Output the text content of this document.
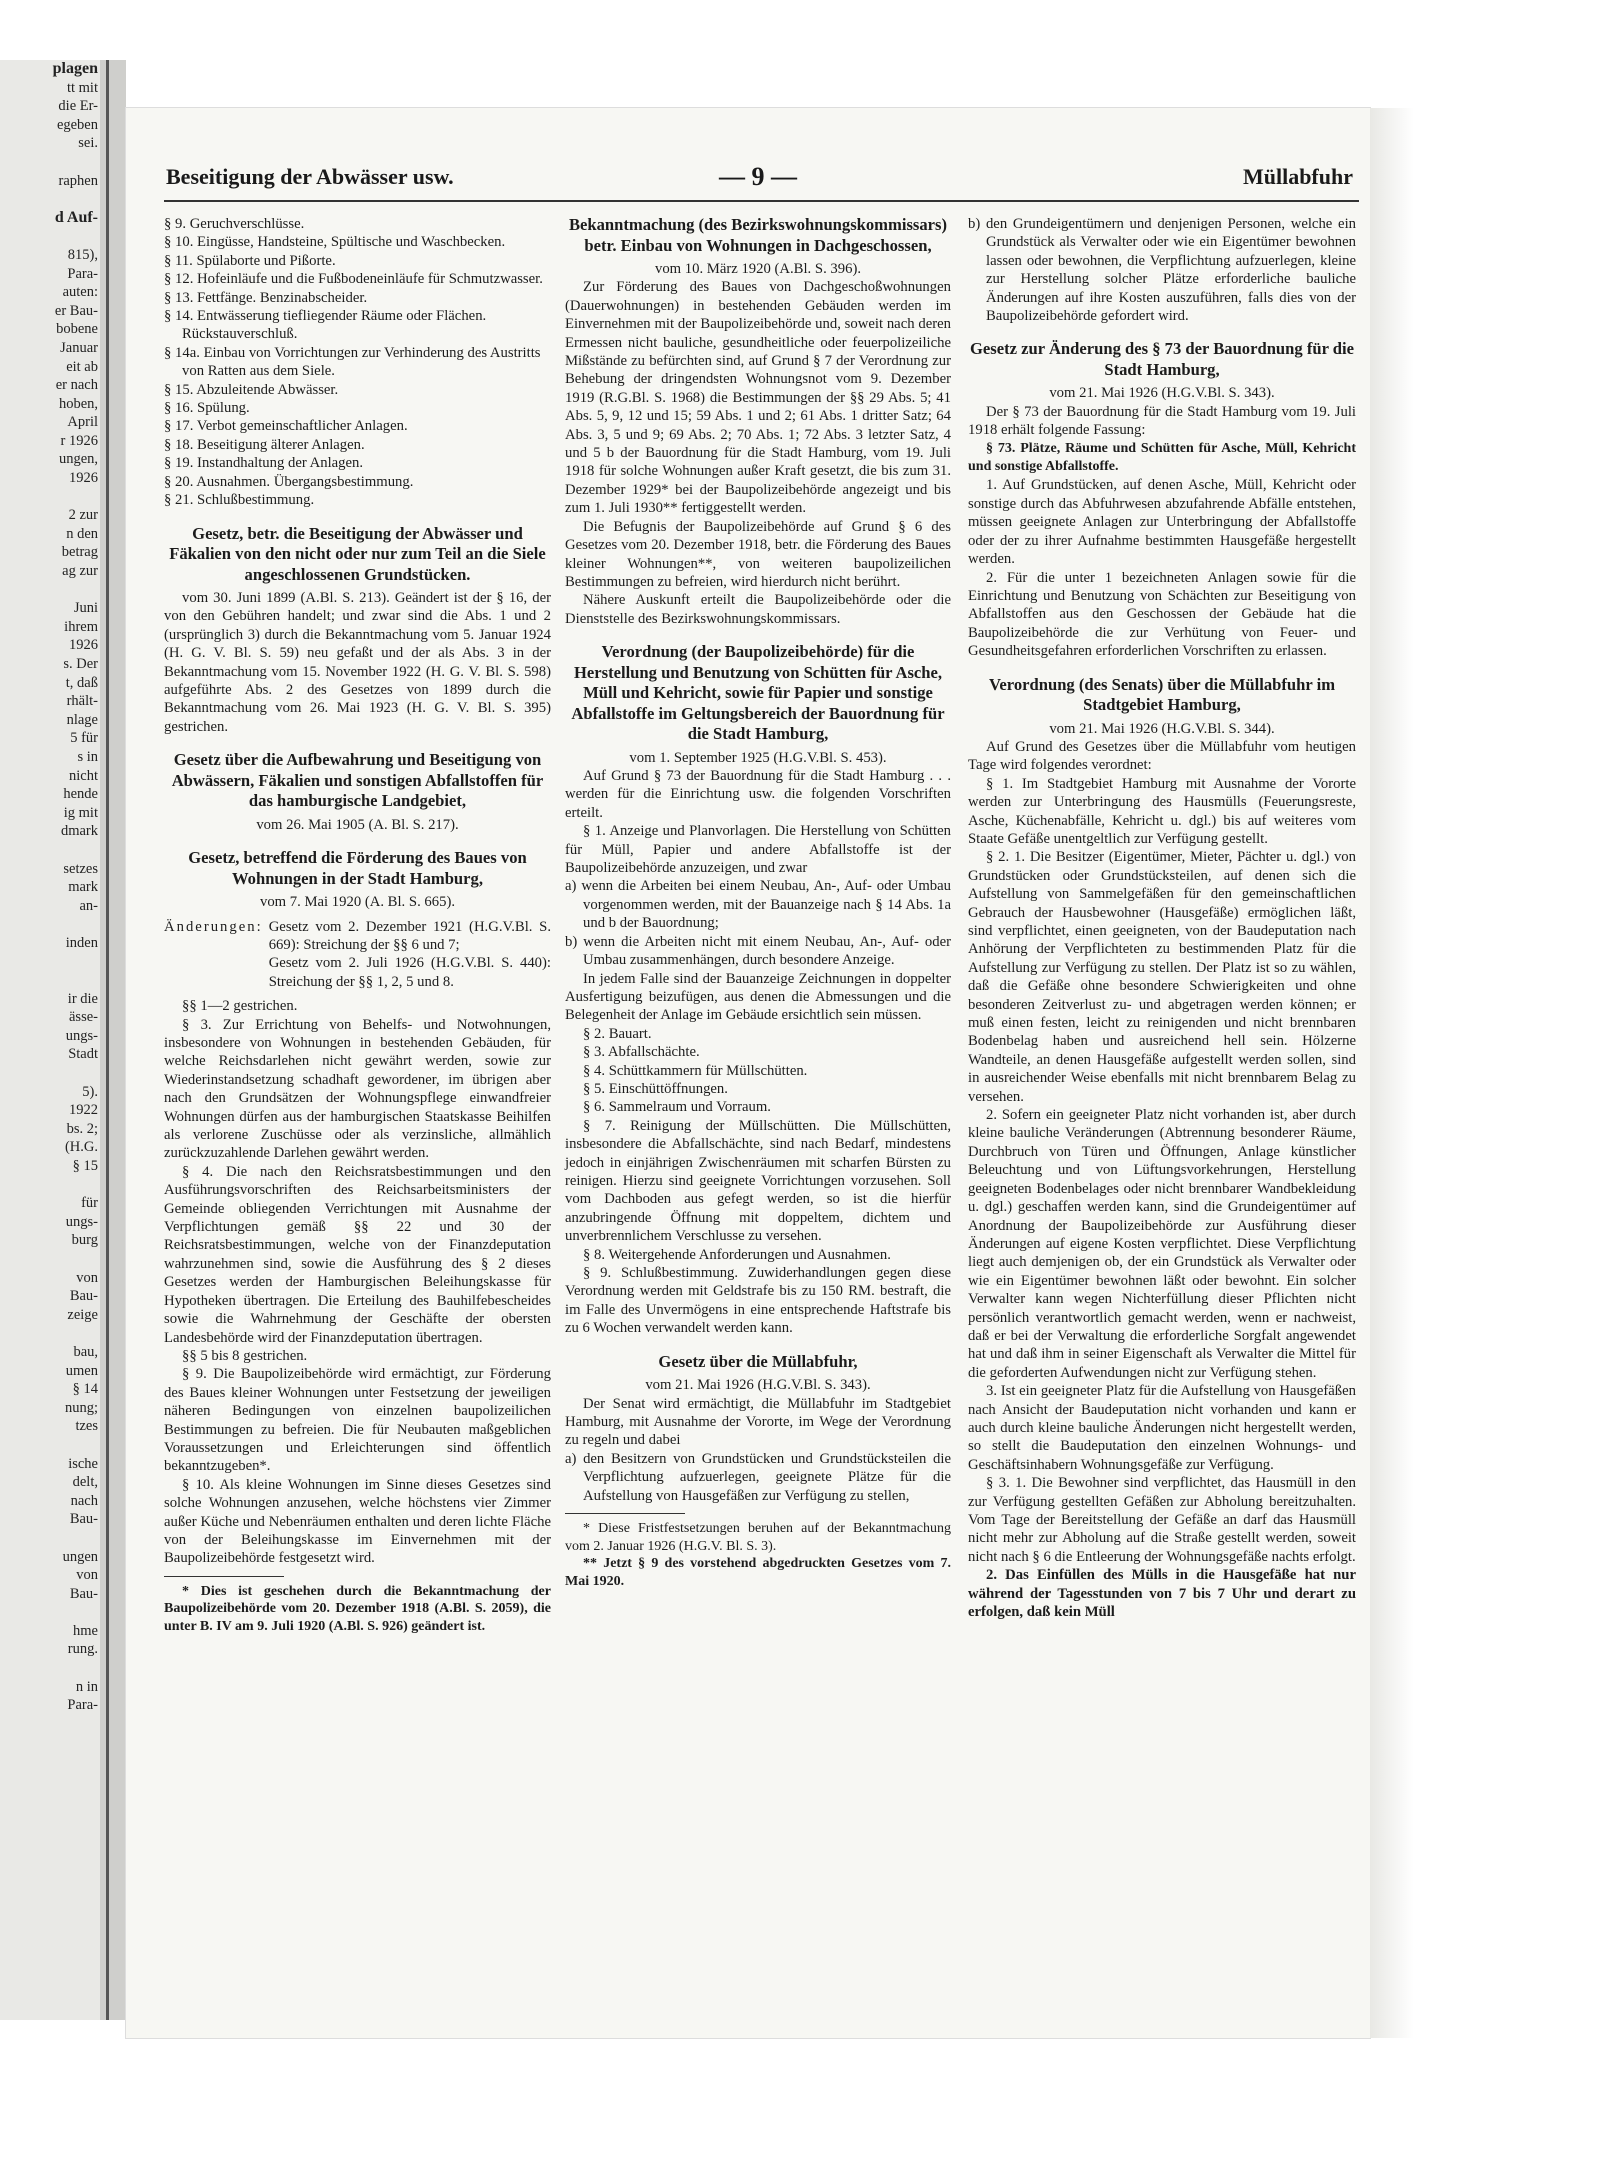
plagen
tt mit
die Er-
egeben
sei.
raphen
d Auf-
815),
Para-
auten:
er Bau-
bobene
Januar
eit ab
er nach
hoben,
April
r 1926
ungen,
1926
2 zur
n den
betrag
ag zur
Juni
ihrem
1926
s. Der
t, daß
rhält-
nlage
5 für
s in
nicht
hende
ig mit
dmark
setzes
mark
an-
inden
ir die
ässe-
ungs-
Stadt
5).
1922
bs. 2;
(H.G.
§ 15
für
ungs-
burg
von
Bau-
zeige
bau,
umen
§ 14
nung;
tzes
ische
delt,
nach
Bau-
ungen
von
Bau-
hme
rung.
n in
Para-
Beseitigung der Abwässer usw.	— 9 —	Müllabfuhr
§ 9. Geruchverschlüsse.
§ 10. Eingüsse, Handsteine, Spültische und Waschbecken.
§ 11. Spülaborte und Pißorte.
§ 12. Hofeinläufe und die Fußbodeneinläufe für Schmutzwasser.
§ 13. Fettfänge. Benzinabscheider.
§ 14. Entwässerung tiefliegender Räume oder Flächen. Rückstauverschluß.
§ 14a. Einbau von Vorrichtungen zur Verhinderung des Austritts von Ratten aus dem Siele.
§ 15. Abzuleitende Abwässer.
§ 16. Spülung.
§ 17. Verbot gemeinschaftlicher Anlagen.
§ 18. Beseitigung älterer Anlagen.
§ 19. Instandhaltung der Anlagen.
§ 20. Ausnahmen. Übergangsbestimmung.
§ 21. Schlußbestimmung.

Gesetz, betr. die Beseitigung der Abwässer und Fäkalien von den nicht oder nur zum Teil an die Siele angeschlossenen Grundstücken.

vom 30. Juni 1899 (A.Bl. S. 213). Geändert ist der § 16, der von den Gebühren handelt; und zwar sind die Abs. 1 und 2 (ursprünglich 3) durch die Bekanntmachung vom 5. Januar 1924 (H. G. V. Bl. S. 59) neu gefaßt und der als Abs. 3 in der Bekanntmachung vom 15. November 1922 (H. G. V. Bl. S. 598) aufgeführte Abs. 2 des Gesetzes von 1899 durch die Bekanntmachung vom 26. Mai 1923 (H. G. V. Bl. S. 395) gestrichen.

Gesetz über die Aufbewahrung und Beseitigung von Abwässern, Fäkalien und sonstigen Abfallstoffen für das hamburgische Landgebiet,

vom 26. Mai 1905 (A. Bl. S. 217).

Gesetz, betreffend die Förderung des Baues von Wohnungen in der Stadt Hamburg,

vom 7. Mai 1920 (A. Bl. S. 665).

Änderungen: Gesetz vom 2. Dezember 1921 (H.G.V.Bl. S. 669): Streichung der §§ 6 und 7;

Gesetz vom 2. Juli 1926 (H.G.V.Bl. S. 440): Streichung der §§ 1, 2, 5 und 8.

§§ 1—2 gestrichen.

§ 3. Zur Errichtung von Behelfs- und Notwohnungen, insbesondere von Wohnungen in bestehenden Gebäuden, für welche Reichsdarlehen nicht gewährt werden, sowie zur Wiederinstandsetzung schadhaft gewordener, im übrigen aber nach den Grundsätzen der Wohnungspflege einwandfreier Wohnungen dürfen aus der hamburgischen Staatskasse Beihilfen als verlorene Zuschüsse oder als verzinsliche, allmählich zurückzuzahlende Darlehen gewährt werden.

§ 4. Die nach den Reichsratsbestimmungen und den Ausführungsvorschriften des Reichsarbeitsministers der Gemeinde obliegenden Verrichtungen mit Ausnahme der Verpflichtungen gemäß §§ 22 und 30 der Reichsratsbestimmungen, welche von der Finanzdeputation wahrzunehmen sind, sowie die Ausführung des § 2 dieses Gesetzes werden der Hamburgischen Beleihungskasse für Hypotheken übertragen. Die Erteilung des Bauhilfebescheides sowie die Wahrnehmung der Geschäfte der obersten Landesbehörde wird der Finanzdeputation übertragen.

§§ 5 bis 8 gestrichen.

§ 9. Die Baupolizeibehörde wird ermächtigt, zur Förderung des Baues kleiner Wohnungen unter Festsetzung der jeweiligen näheren Bedingungen von einzelnen baupolizeilichen Bestimmungen zu befreien. Die für Neubauten maßgeblichen Voraussetzungen und Erleichterungen sind öffentlich bekanntzugeben*.

§ 10. Als kleine Wohnungen im Sinne dieses Gesetzes sind solche Wohnungen anzusehen, welche höchstens vier Zimmer außer Küche und Nebenräumen enthalten und deren lichte Fläche von der Beleihungskasse im Einvernehmen mit der Baupolizeibehörde festgesetzt wird.

* Dies ist geschehen durch die Bekanntmachung der Baupolizeibehörde vom 20. Dezember 1918 (A.Bl. S. 2059), die unter B. IV am 9. Juli 1920 (A.Bl. S. 926) geändert ist.

Bekanntmachung (des Bezirkswohnungskommissars) betr. Einbau von Wohnungen in Dachgeschossen,

vom 10. März 1920 (A.Bl. S. 396).

Zur Förderung des Baues von Dachgeschoßwohnungen (Dauerwohnungen) in bestehenden Gebäuden werden im Einvernehmen mit der Baupolizeibehörde und, soweit nach deren Ermessen nicht bauliche, gesundheitliche oder feuerpolizeiliche Mißstände zu befürchten sind, auf Grund § 7 der Verordnung zur Behebung der dringendsten Wohnungsnot vom 9. Dezember 1919 (R.G.Bl. S. 1968) die Bestimmungen der §§ 29 Abs. 5; 41 Abs. 5, 9, 12 und 15; 59 Abs. 1 und 2; 61 Abs. 1 dritter Satz; 64 Abs. 3, 5 und 9; 69 Abs. 2; 70 Abs. 1; 72 Abs. 3 letzter Satz, 4 und 5 b der Bauordnung für die Stadt Hamburg, vom 19. Juli 1918 für solche Wohnungen außer Kraft gesetzt, die bis zum 31. Dezember 1929* bei der Baupolizeibehörde angezeigt und bis zum 1. Juli 1930** fertiggestellt werden.

Die Befugnis der Baupolizeibehörde auf Grund § 6 des Gesetzes vom 20. Dezember 1918, betr. die Förderung des Baues kleiner Wohnungen**, von weiteren baupolizeilichen Bestimmungen zu befreien, wird hierdurch nicht berührt.

Nähere Auskunft erteilt die Baupolizeibehörde oder die Dienststelle des Bezirkswohnungskommissars.

Verordnung (der Baupolizeibehörde) für die Herstellung und Benutzung von Schütten für Asche, Müll und Kehricht, sowie für Papier und sonstige Abfallstoffe im Geltungsbereich der Bauordnung für die Stadt Hamburg,

vom 1. September 1925 (H.G.V.Bl. S. 453).

Auf Grund § 73 der Bauordnung für die Stadt Hamburg . . . werden für die Einrichtung usw. die folgenden Vorschriften erteilt.

§ 1. Anzeige und Planvorlagen. Die Herstellung von Schütten für Müll, Papier und andere Abfallstoffe ist der Baupolizeibehörde anzuzeigen, und zwar

a) wenn die Arbeiten bei einem Neubau, An-, Auf- oder Umbau vorgenommen werden, mit der Bauanzeige nach § 14 Abs. 1a und b der Bauordnung;

b) wenn die Arbeiten nicht mit einem Neubau, An-, Auf- oder Umbau zusammenhängen, durch besondere Anzeige.

In jedem Falle sind der Bauanzeige Zeichnungen in doppelter Ausfertigung beizufügen, aus denen die Abmessungen und die Belegenheit der Anlage im Gebäude ersichtlich sein müssen.

§ 2. Bauart.

§ 3. Abfallschächte.

§ 4. Schüttkammern für Müllschütten.

§ 5. Einschüttöffnungen.

§ 6. Sammelraum und Vorraum.

§ 7. Reinigung der Müllschütten. Die Müllschütten, insbesondere die Abfallschächte, sind nach Bedarf, mindestens jedoch in einjährigen Zwischenräumen mit scharfen Bürsten zu reinigen. Hierzu sind geeignete Vorrichtungen vorzusehen. Soll vom Dachboden aus gefegt werden, so ist die hierfür anzubringende Öffnung mit doppeltem, dichtem und unverbrennlichem Verschlusse zu versehen.

§ 8. Weitergehende Anforderungen und Ausnahmen.

§ 9. Schlußbestimmung. Zuwiderhandlungen gegen diese Verordnung werden mit Geldstrafe bis zu 150 RM. bestraft, die im Falle des Unvermögens in eine entsprechende Haftstrafe bis zu 6 Wochen verwandelt werden kann.

Gesetz über die Müllabfuhr,

vom 21. Mai 1926 (H.G.V.Bl. S. 343).

Der Senat wird ermächtigt, die Müllabfuhr im Stadtgebiet Hamburg, mit Ausnahme der Vororte, im Wege der Verordnung zu regeln und dabei

a) den Besitzern von Grundstücken und Grundstücksteilen die Verpflichtung aufzuerlegen, geeignete Plätze für die Aufstellung von Hausgefäßen zur Verfügung zu stellen,

* Diese Fristfestsetzungen beruhen auf der Bekanntmachung vom 2. Januar 1926 (H.G.V. Bl. S. 3).

** Jetzt § 9 des vorstehend abgedruckten Gesetzes vom 7. Mai 1920.

b) den Grundeigentümern und denjenigen Personen, welche ein Grundstück als Verwalter oder wie ein Eigentümer bewohnen lassen oder bewohnen, die Verpflichtung aufzuerlegen, kleine zur Herstellung solcher Plätze erforderliche bauliche Änderungen auf ihre Kosten auszuführen, falls dies von der Baupolizeibehörde gefordert wird.

Gesetz zur Änderung des § 73 der Bauordnung für die Stadt Hamburg,

vom 21. Mai 1926 (H.G.V.Bl. S. 343).

Der § 73 der Bauordnung für die Stadt Hamburg vom 19. Juli 1918 erhält folgende Fassung:

§ 73. Plätze, Räume und Schütten für Asche, Müll, Kehricht und sonstige Abfallstoffe.

1. Auf Grundstücken, auf denen Asche, Müll, Kehricht oder sonstige durch das Abfuhrwesen abzufahrende Abfälle entstehen, müssen geeignete Anlagen zur Unterbringung der Abfallstoffe oder der zu ihrer Aufnahme bestimmten Hausgefäße hergestellt werden.

2. Für die unter 1 bezeichneten Anlagen sowie für die Einrichtung und Benutzung von Schächten zur Beseitigung von Abfallstoffen aus den Geschossen der Gebäude hat die Baupolizeibehörde die zur Verhütung von Feuer- und Gesundheitsgefahren erforderlichen Vorschriften zu erlassen.

Verordnung (des Senats) über die Müllabfuhr im Stadtgebiet Hamburg,

vom 21. Mai 1926 (H.G.V.Bl. S. 344).

Auf Grund des Gesetzes über die Müllabfuhr vom heutigen Tage wird folgendes verordnet:

§ 1. Im Stadtgebiet Hamburg mit Ausnahme der Vororte werden zur Unterbringung des Hausmülls (Feuerungsreste, Asche, Küchenabfälle, Kehricht u. dgl.) bis auf weiteres vom Staate Gefäße unentgeltlich zur Verfügung gestellt.

§ 2. 1. Die Besitzer (Eigentümer, Mieter, Pächter u. dgl.) von Grundstücken oder Grundstücksteilen, auf denen sich die Aufstellung von Sammelgefäßen für den gemeinschaftlichen Gebrauch der Hausbewohner (Hausgefäße) ermöglichen läßt, sind verpflichtet, einen geeigneten, von der Baudeputation nach Anhörung der Verpflichteten zu bestimmenden Platz für die Aufstellung zur Verfügung zu stellen. Der Platz ist so zu wählen, daß die Gefäße ohne besondere Schwierigkeiten und ohne besonderen Zeitverlust zu- und abgetragen werden können; er muß einen festen, leicht zu reinigenden und nicht brennbaren Bodenbelag haben und ausreichend hell sein. Hölzerne Wandteile, an denen Hausgefäße aufgestellt werden sollen, sind in ausreichender Weise ebenfalls mit nicht brennbarem Belag zu versehen.

2. Sofern ein geeigneter Platz nicht vorhanden ist, aber durch kleine bauliche Veränderungen (Abtrennung besonderer Räume, Durchbruch von Türen und Öffnungen, Anlage künstlicher Beleuchtung und von Lüftungsvorkehrungen, Herstellung geeigneten Bodenbelages oder nicht brennbarer Wandbekleidung u. dgl.) geschaffen werden kann, sind die Grundeigentümer auf Anordnung der Baupolizeibehörde zur Ausführung dieser Änderungen auf eigene Kosten verpflichtet. Diese Verpflichtung liegt auch demjenigen ob, der ein Grundstück als Verwalter oder wie ein Eigentümer bewohnen läßt oder bewohnt. Ein solcher Verwalter kann wegen Nichterfüllung dieser Pflichten nicht persönlich verantwortlich gemacht werden, wenn er nachweist, daß er bei der Verwaltung die erforderliche Sorgfalt angewendet hat und daß ihm in seiner Eigenschaft als Verwalter die Mittel für die geforderten Aufwendungen nicht zur Verfügung stehen.

3. Ist ein geeigneter Platz für die Aufstellung von Hausgefäßen nach Ansicht der Baudeputation nicht vorhanden und kann er auch durch kleine bauliche Änderungen nicht hergestellt werden, so stellt die Baudeputation den einzelnen Wohnungs- und Geschäftsinhabern Wohnungsgefäße zur Verfügung.

§ 3. 1. Die Bewohner sind verpflichtet, das Hausmüll in den zur Verfügung gestellten Gefäßen zur Abholung bereitzuhalten. Vom Tage der Bereitstellung der Gefäße an darf das Hausmüll nicht mehr zur Abholung auf die Straße gestellt werden, soweit nicht nach § 6 die Entleerung der Wohnungsgefäße nachts erfolgt.

2. Das Einfüllen des Mülls in die Hausgefäße hat nur während der Tagesstunden von 7 bis 7 Uhr und derart zu erfolgen, daß kein Müll
